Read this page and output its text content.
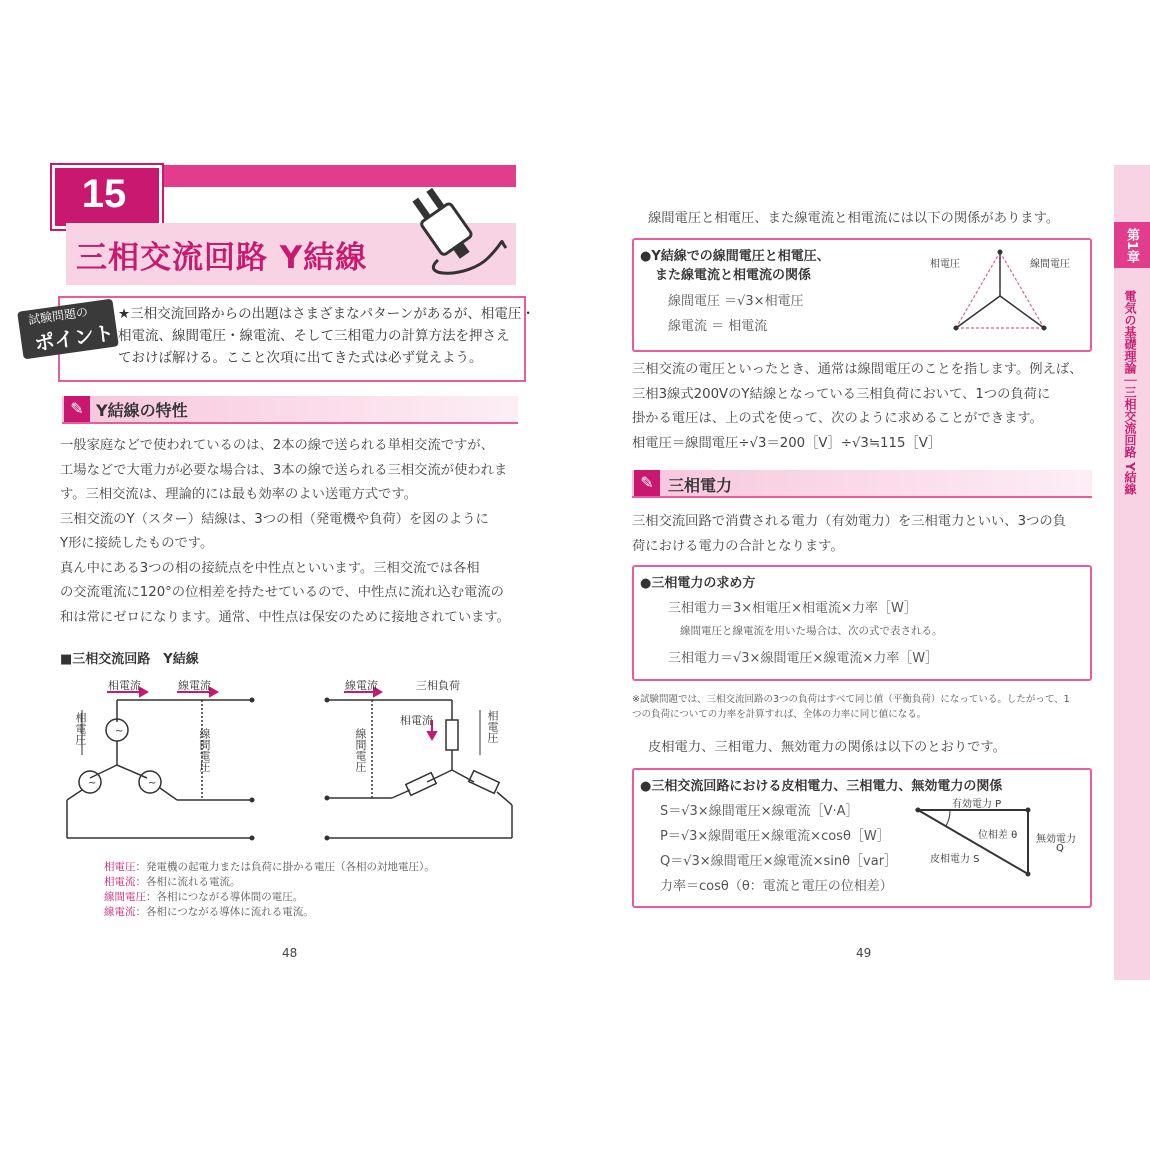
15
三相交流回路 Y結線
試験問題の
ポイント
★三相交流回路からの出題はさまざまなパターンがあるが、相電圧・
相電流、線間電圧・線電流、そして三相電力の計算方法を押さえ
ておけば解ける。ここと次項に出てきた式は必ず覚えよう。
✎ Y結線の特性
一般家庭などで使われているのは、2本の線で送られる単相交流ですが、
工場などで大電力が必要な場合は、3本の線で送られる三相交流が使われま
す。三相交流は、理論的には最も効率のよい送電方式です。
三相交流のY（スター）結線は、3つの相（発電機や負荷）を図のように
Y形に接続したものです。
真ん中にある3つの相の接続点を中性点といいます。三相交流では各相
の交流電流に120°の位相差を持たせているので、中性点に流れ込む電流の
和は常にゼロになります。通常、中性点は保安のために接地されています。
■三相交流回路　Y結線
~
~	~
相電流	線電流
相電圧	線間電圧
線電流	三相負荷
相電流	相電圧
線間電圧
相電圧：発電機の起電力または負荷に掛かる電圧（各相の対地電圧）。
相電流：各相に流れる電流。
線間電圧：各相につながる導体間の電圧。
線電流：各相につながる導体に流れる電流。
48
線間電圧と相電圧、また線電流と相電流には以下の関係があります。
●Y結線での線間電圧と相電圧、
また線電流と相電流の関係
線間電圧 ＝√3×相電圧
線電流 ＝ 相電流
相電圧	線間電圧
三相交流の電圧といったとき、通常は線間電圧のことを指します。例えば、
三相3線式200VのY結線となっている三相負荷において、1つの負荷に
掛かる電圧は、上の式を使って、次のように求めることができます。
相電圧＝線間電圧÷√3＝200［V］÷√3≒115［V］
✎ 三相電力
三相交流回路で消費される電力（有効電力）を三相電力といい、3つの負
荷における電力の合計となります。
●三相電力の求め方
三相電力＝3×相電圧×相電流×力率［W］
線間電圧と線電流を用いた場合は、次の式で表される。
三相電力＝√3×線間電圧×線電流×力率［W］
※試験問題では、三相交流回路の3つの負荷はすべて同じ値（平衡負荷）になっている。したがって、1
つの負荷についての力率を計算すれば、全体の力率に同じ値になる。
皮相電力、三相電力、無効電力の関係は以下のとおりです。
●三相交流回路における皮相電力、三相電力、無効電力の関係
S＝√3×線間電圧×線電流［V·A］
P＝√3×線間電圧×線電流×cosθ［W］
Q＝√3×線間電圧×線電流×sinθ［var］
力率＝cosθ（θ：電流と電圧の位相差）
有効電力 P
位相差 θ
皮相電力 S
無効電力
Q
49
第1章
電気の基礎理論｜三相交流回路 Y結線
